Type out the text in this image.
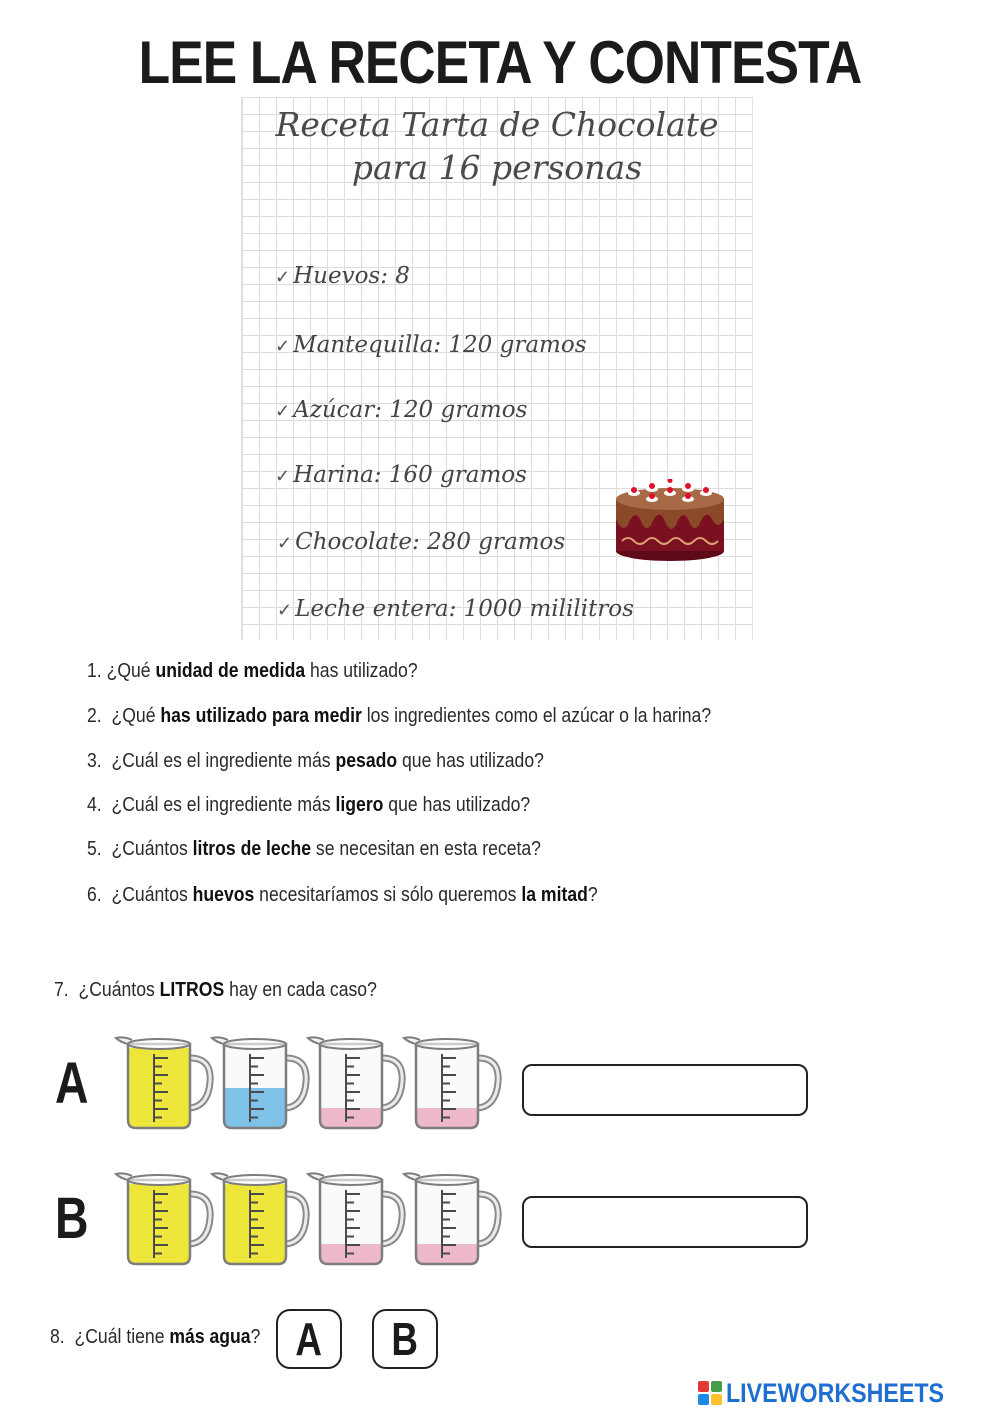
LEE LA RECETA Y CONTESTA
Receta Tarta de Chocolate
para 16 personas
✓ Huevos: 8
✓ Mantequilla: 120 gramos
✓ Azúcar: 120 gramos
✓ Harina: 160 gramos
✓ Chocolate: 280 gramos
✓ Leche entera: 1000 mililitros
1. ¿Qué unidad de medida has utilizado?
2. ¿Qué has utilizado para medir los ingredientes como el azúcar o la harina?
3. ¿Cuál es el ingrediente más pesado que has utilizado?
4. ¿Cuál es el ingrediente más ligero que has utilizado?
5. ¿Cuántos litros de leche se necesitan en esta receta?
6. ¿Cuántos huevos necesitaríamos si sólo queremos la mitad?
7. ¿Cuántos LITROS hay en cada caso?
A
B
8. ¿Cuál tiene más agua? A	B
LIVEWORKSHEETS
